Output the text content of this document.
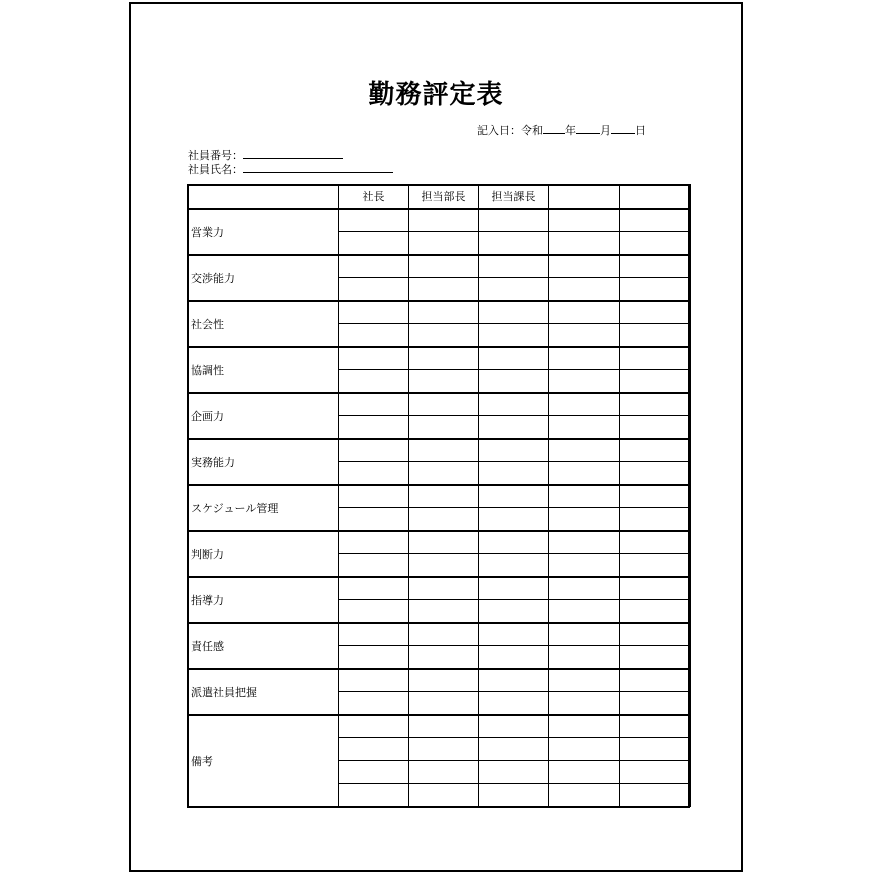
勤務評定表
記入日：令和 年 月 日
社員番号：
社員氏名：
	社長	担当部長	担当課長		
営業力					

交渉能力					

社会性					

協調性					

企画力					

実務能力					

スケジュール管理					

判断力					

指導力					

責任感					

派遣社員把握					

備考					
